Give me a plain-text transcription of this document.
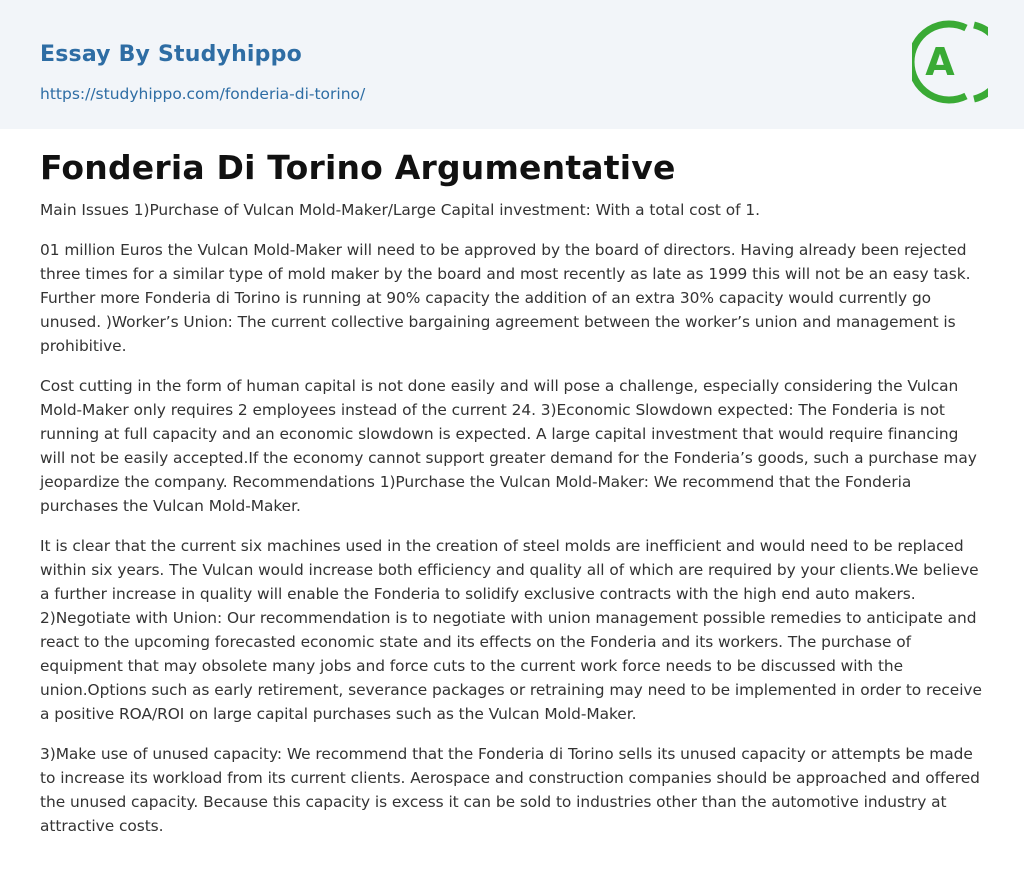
Essay By Studyhippo
https://studyhippo.com/fonderia-di-torino/
A
Fonderia Di Torino Argumentative

Main Issues 1)Purchase of Vulcan Mold-Maker/Large Capital investment: With a total cost of 1.

01 million Euros the Vulcan Mold-Maker will need to be approved by the board of directors. Having already been rejected three times for a similar type of mold maker by the board and most recently as late as 1999 this will not be an easy task. Further more Fonderia di Torino is running at 90% capacity the addition of an extra 30% capacity would currently go unused. )Worker’s Union: The current collective bargaining agreement between the worker’s union and management is prohibitive.

Cost cutting in the form of human capital is not done easily and will pose a challenge, especially considering the Vulcan Mold-Maker only requires 2 employees instead of the current 24. 3)Economic Slowdown expected: The Fonderia is not running at full capacity and an economic slowdown is expected. A large capital investment that would require financing will not be easily accepted.If the economy cannot support greater demand for the Fonderia’s goods, such a purchase may jeopardize the company. Recommendations 1)Purchase the Vulcan Mold-Maker: We recommend that the Fonderia purchases the Vulcan Mold-Maker.

It is clear that the current six machines used in the creation of steel molds are inefficient and would need to be replaced within six years. The Vulcan would increase both efficiency and quality all of which are required by your clients.We believe a further increase in quality will enable the Fonderia to solidify exclusive contracts with the high end auto makers. 2)Negotiate with Union: Our recommendation is to negotiate with union management possible remedies to anticipate and react to the upcoming forecasted economic state and its effects on the Fonderia and its workers. The purchase of equipment that may obsolete many jobs and force cuts to the current work force needs to be discussed with the union.Options such as early retirement, severance packages or retraining may need to be implemented in order to receive a positive ROA/ROI on large capital purchases such as the Vulcan Mold-Maker.

3)Make use of unused capacity: We recommend that the Fonderia di Torino sells its unused capacity or attempts be made to increase its workload from its current clients. Aerospace and construction companies should be approached and offered the unused capacity. Because this capacity is excess it can be sold to industries other than the automotive industry at attractive costs.
